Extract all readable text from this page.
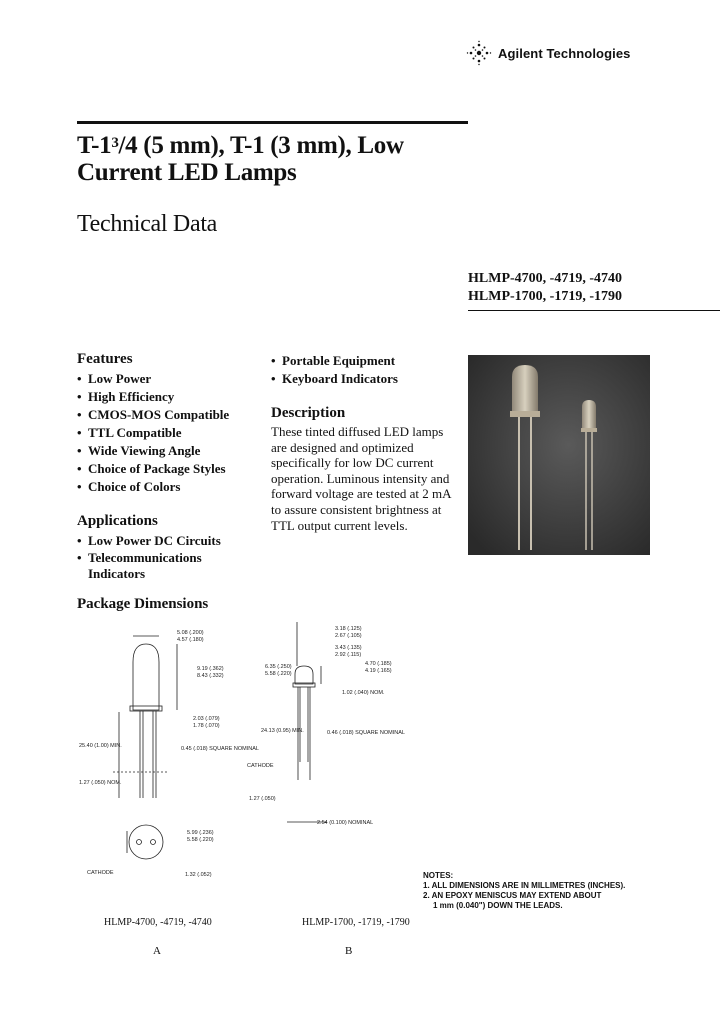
Agilent Technologies
$T-1^3/4$ (5 mm), T-1 (3 mm), Low
Current LED Lamps
Technical Data
HLMP-4700, -4719, -4740
HLMP-1700, -1719, -1790
Features
• Low Power
• High Efficiency
• CMOS-MOS Compatible
• TTL Compatible
• Wide Viewing Angle
• Choice of Package Styles
• Choice of Colors
• Portable Equipment
• Keyboard Indicators
Applications
• Low Power DC Circuits
• Telecommunications Indicators
Description
These tinted diffused LED lamps are designed and optimized specifically for low DC current operation. Luminous intensity and forward voltage are tested at 2 mA to assure consistent brightness at TTL output current levels.
Package Dimensions
5.08 (.200)
4.57 (.180)
9.19 (.362)
8.43 (.332)
2.03 (.079)
1.78 (.070)
25.40 (1.00) MIN.	0.45 (.018) SQUARE NOMINAL
1.27 (.050) NOM.
5.99 (.236)
5.58 (.220)
1.32 (.052)
CATHODE
3.18 (.125)
2.67 (.105)
3.43 (.135)
2.92 (.115)
6.35 (.250)
5.58 (.220)
4.70 (.185)
4.19 (.165)
1.02 (.040) NOM.
24.13 (0.95) MIN.	0.46 (.018) SQUARE NOMINAL
CATHODE
1.27 (.050)
2.54 (0.100) NOMINAL
HLMP-4700, -4719, -4740
A
HLMP-1700, -1719, -1790
B
NOTES:
1. ALL DIMENSIONS ARE IN MILLIMETRES (INCHES).
2. AN EPOXY MENISCUS MAY EXTEND ABOUT
1 mm (0.040") DOWN THE LEADS.
